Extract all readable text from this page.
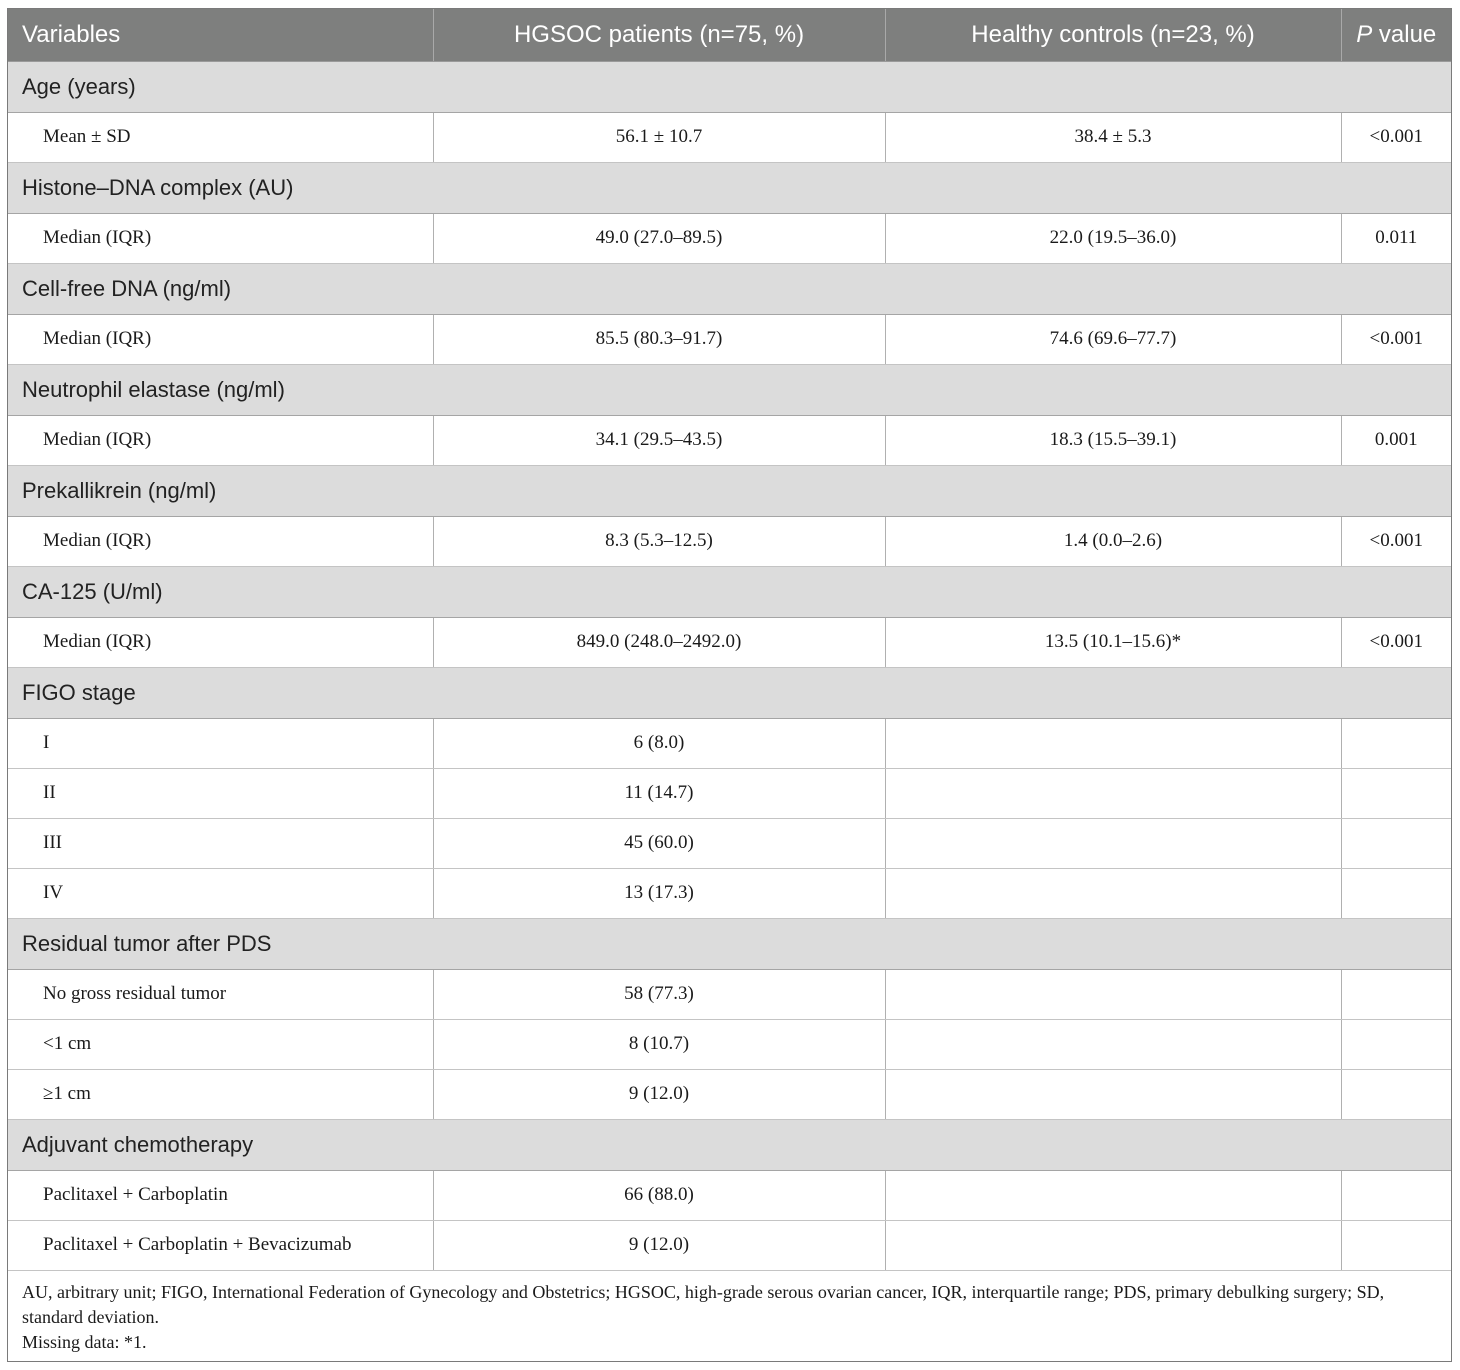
Variables	HGSOC patients (n=75, %)	Healthy controls (n=23, %)	P value
Age (years)			
Mean ± SD	56.1 ± 10.7	38.4 ± 5.3	<0.001
Histone–DNA complex (AU)			
Median (IQR)	49.0 (27.0–89.5)	22.0 (19.5–36.0)	0.011
Cell-free DNA (ng/ml)			
Median (IQR)	85.5 (80.3–91.7)	74.6 (69.6–77.7)	<0.001
Neutrophil elastase (ng/ml)			
Median (IQR)	34.1 (29.5–43.5)	18.3 (15.5–39.1)	0.001
Prekallikrein (ng/ml)			
Median (IQR)	8.3 (5.3–12.5)	1.4 (0.0–2.6)	<0.001
CA-125 (U/ml)			
Median (IQR)	849.0 (248.0–2492.0)	13.5 (10.1–15.6)*	<0.001
FIGO stage			
I	6 (8.0)		
II	11 (14.7)		
III	45 (60.0)		
IV	13 (17.3)		
Residual tumor after PDS			
No gross residual tumor	58 (77.3)		
<1 cm	8 (10.7)		
≥1 cm	9 (12.0)		
Adjuvant chemotherapy			
Paclitaxel + Carboplatin	66 (88.0)		
Paclitaxel + Carboplatin + Bevacizumab	9 (12.0)		

AU, arbitrary unit; FIGO, International Federation of Gynecology and Obstetrics; HGSOC, high-grade serous ovarian cancer, IQR, interquartile range; PDS, primary debulking surgery; SD, standard deviation.
Missing data: *1.			
